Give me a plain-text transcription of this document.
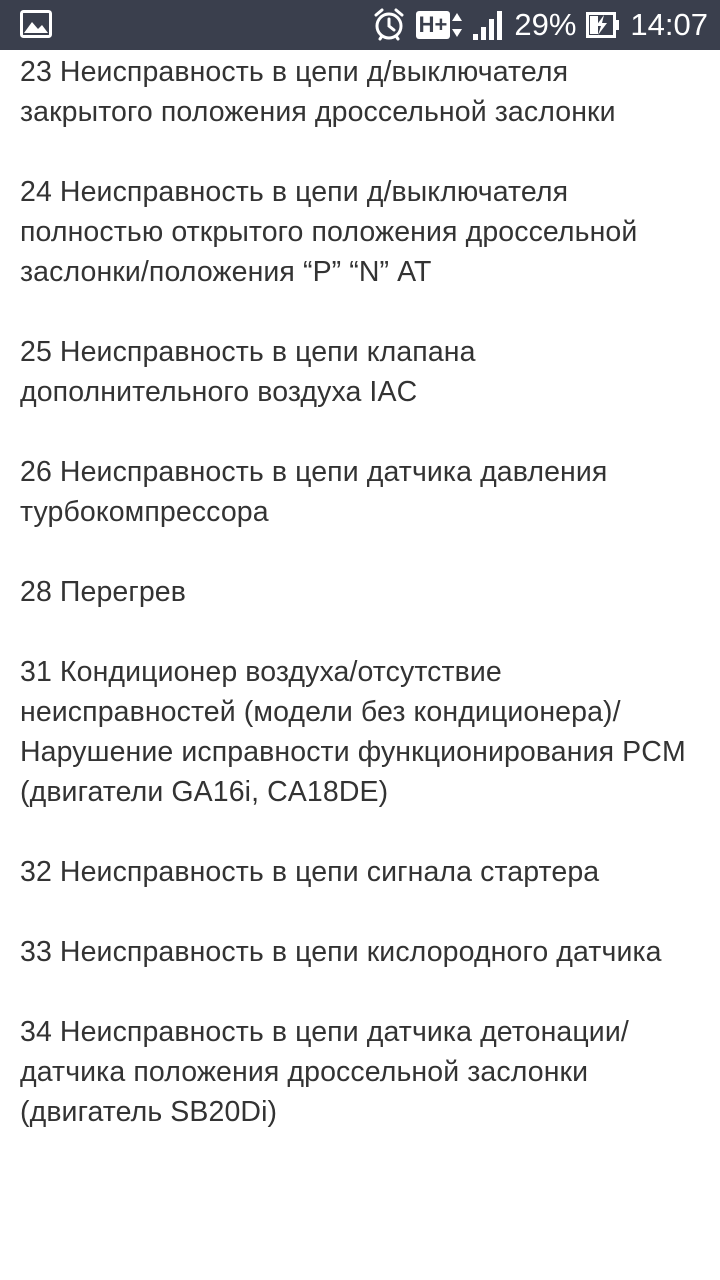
H+ 29% 14:07

23 Неисправность в цепи д/выключателя закрытого положения дроссельной заслонки

24 Неисправность в цепи д/выключателя полностью открытого положения дроссельной заслонки/положения “P” “N” АТ

25 Неисправность в цепи клапана дополнительного воздуха IAC

26 Неисправность в цепи датчика давления турбокомпрессора

28 Перегрев

31 Кондиционер воздуха/отсутствие неисправностей (модели без кондиционера)/Нарушение исправности функционирования PCM (двигатели GA16i, CA18DE)

32 Неисправность в цепи сигнала стартера

33 Неисправность в цепи кислородного датчика

34 Неисправность в цепи датчика детонации/датчика положения дроссельной заслонки (двигатель SB20Di)
